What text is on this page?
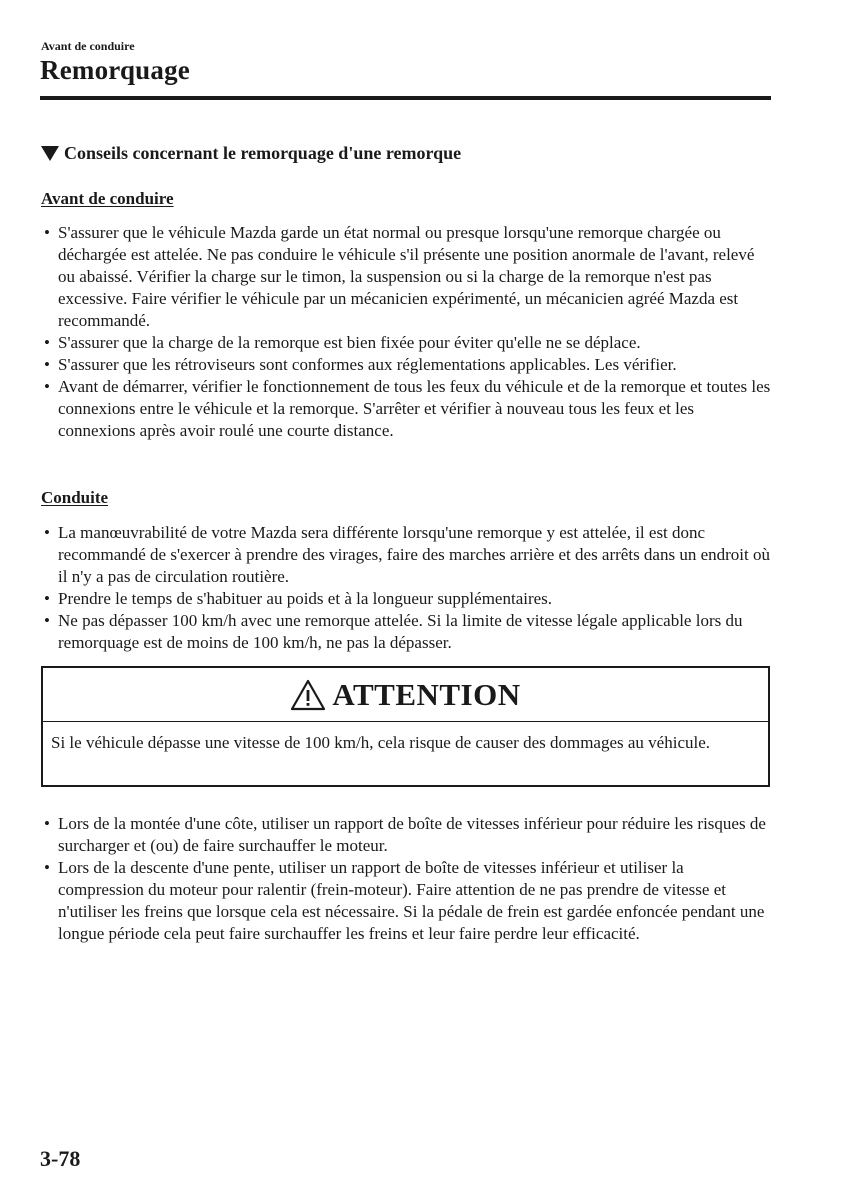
Avant de conduire
Remorquage
Conseils concernant le remorquage d'une remorque
Avant de conduire
• S'assurer que le véhicule Mazda garde un état normal ou presque lorsqu'une remorque chargée ou déchargée est attelée. Ne pas conduire le véhicule s'il présente une position anormale de l'avant, relevé ou abaissé. Vérifier la charge sur le timon, la suspension ou si la charge de la remorque n'est pas excessive. Faire vérifier le véhicule par un mécanicien expérimenté, un mécanicien agréé Mazda est recommandé.
• S'assurer que la charge de la remorque est bien fixée pour éviter qu'elle ne se déplace.
• S'assurer que les rétroviseurs sont conformes aux réglementations applicables. Les vérifier.
• Avant de démarrer, vérifier le fonctionnement de tous les feux du véhicule et de la remorque et toutes les connexions entre le véhicule et la remorque. S'arrêter et vérifier à nouveau tous les feux et les connexions après avoir roulé une courte distance.
Conduite
• La manœuvrabilité de votre Mazda sera différente lorsqu'une remorque y est attelée, il est donc recommandé de s'exercer à prendre des virages, faire des marches arrière et des arrêts dans un endroit où il n'y a pas de circulation routière.
• Prendre le temps de s'habituer au poids et à la longueur supplémentaires.
• Ne pas dépasser 100 km/h avec une remorque attelée. Si la limite de vitesse légale applicable lors du remorquage est de moins de 100 km/h, ne pas la dépasser.
ATTENTION
Si le véhicule dépasse une vitesse de 100 km/h, cela risque de causer des dommages au véhicule.
• Lors de la montée d'une côte, utiliser un rapport de boîte de vitesses inférieur pour réduire les risques de surcharger et (ou) de faire surchauffer le moteur.
• Lors de la descente d'une pente, utiliser un rapport de boîte de vitesses inférieur et utiliser la compression du moteur pour ralentir (frein-moteur). Faire attention de ne pas prendre de vitesse et n'utiliser les freins que lorsque cela est nécessaire. Si la pédale de frein est gardée enfoncée pendant une longue période cela peut faire surchauffer les freins et leur faire perdre leur efficacité.
3-78
